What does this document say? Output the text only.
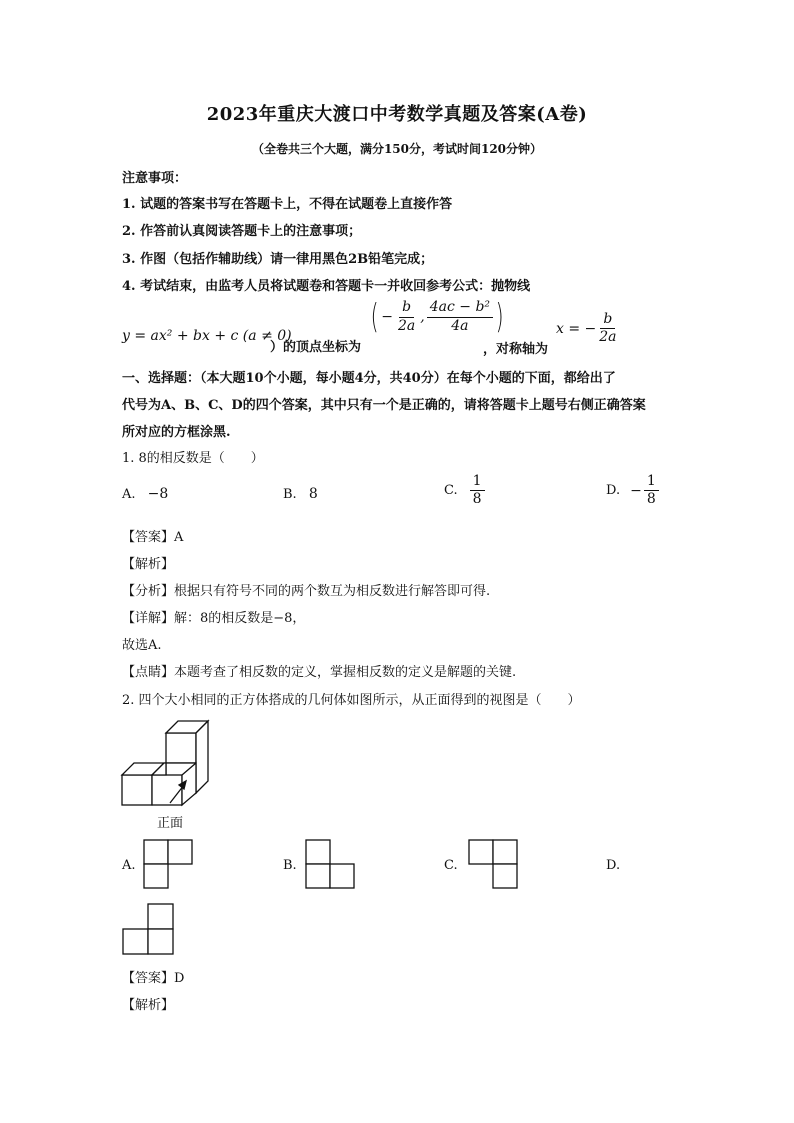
2023年重庆大渡口中考数学真题及答案(A卷)
（全卷共三个大题，满分150分，考试时间120分钟）
注意事项：
1. 试题的答案书写在答题卡上，不得在试题卷上直接作答
2. 作答前认真阅读答题卡上的注意事项；
3. 作图（包括作辅助线）请一律用黑色2B铅笔完成；
4. 考试结束，由监考人员将试题卷和答题卡一并收回参考公式：抛物线
y = ax² + bx + c (a ≠ 0)
）的顶点坐标为
( − $\frac{b}{2a}$ , $\frac{\text{4ac − b²}}{4a}$ )
，对称轴为
x = − $\frac{b}{2a}$
一、选择题：（本大题10个小题，每小题4分，共40分）在每个小题的下面，都给出了
代号为A、B、C、D的四个答案，其中只有一个是正确的，请将答题卡上题号右侧正确答案
所对应的方框涂黑.
1. 8的相反数是（　　）
A. −8	B. 8	C. $\frac{1}{8}$	D. − $\frac{1}{8}$
【答案】A
【解析】
【分析】根据只有符号不同的两个数互为相反数进行解答即可得.
【详解】解：8的相反数是−8，
故选A.
【点睛】本题考查了相反数的定义，掌握相反数的定义是解题的关键.
2. 四个大小相同的正方体搭成的几何体如图所示，从正面得到的视图是（　　）
正面
A.	B.	C.	D.
【答案】D
【解析】
